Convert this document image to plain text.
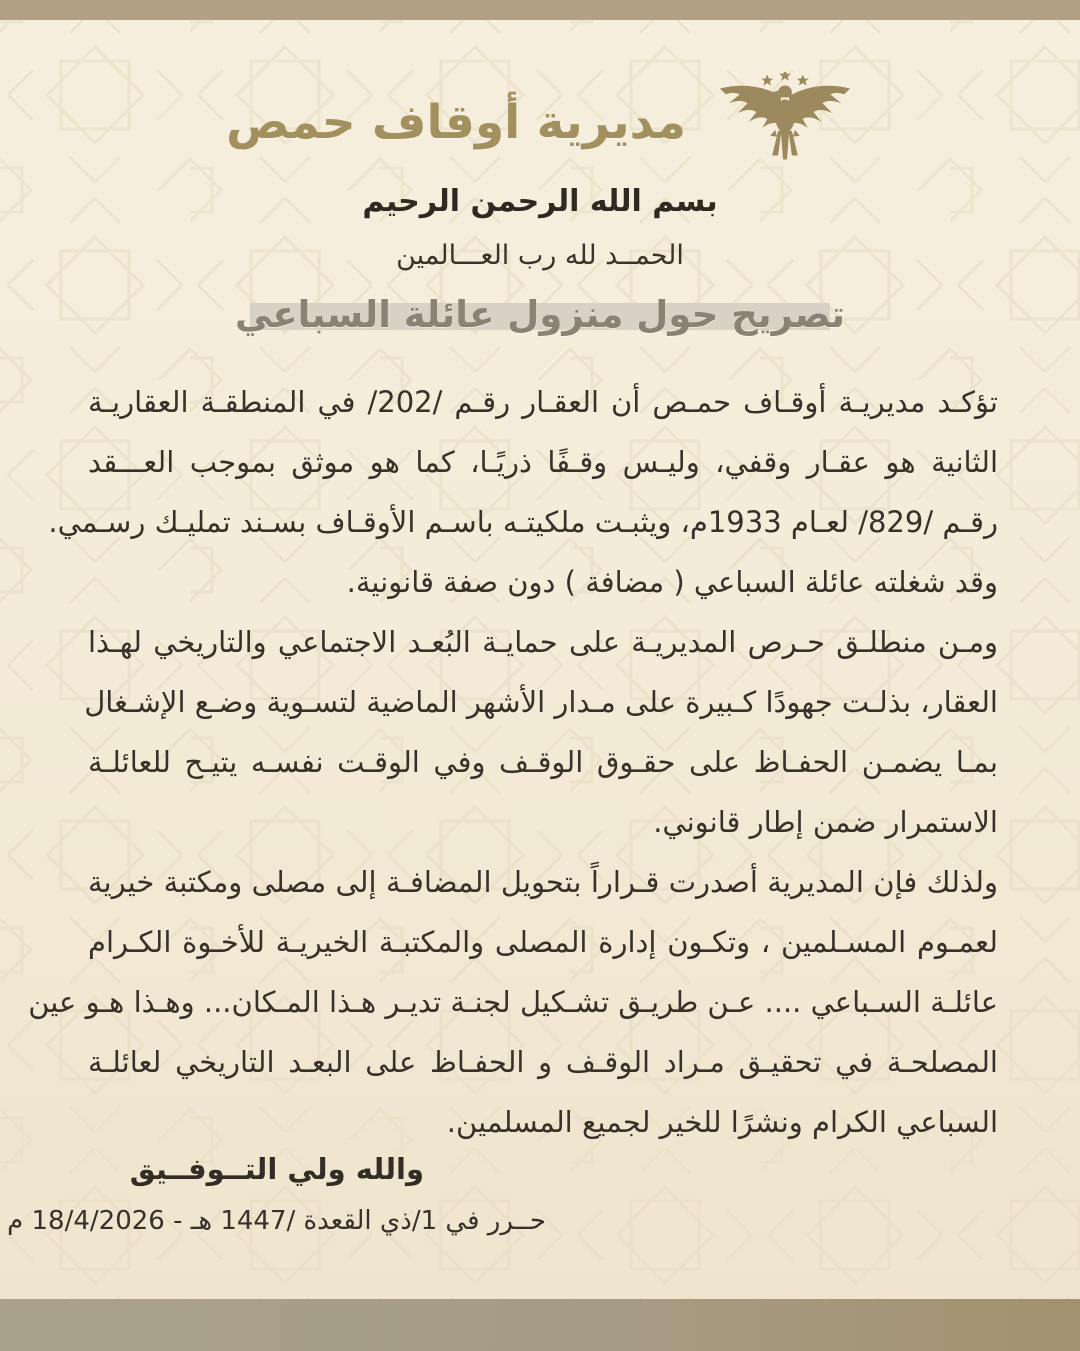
مديرية أوقاف حمص
بسم الله الرحمن الرحيم
الحمــد لله رب العـــالمين
تصريح حول منزول عائلة السباعي
تؤكـد مديريـة أوقـاف حمـص أن العقـار رقـم /202/ في المنطقـة العقاريـة
الثانية هو عقـار وقفي، وليـس وقـفًا ذريًـا، كما هو موثق بموجب العـــقد
رقـم /829/ لعـام 1933م، ويثبـت ملكيتـه باسـم الأوقـاف بسـند تمليـك رسـمي.
وقد شغلته عائلة السباعي ( مضافة ) دون صفة قانونية.
ومـن منطلـق حـرص المديريـة على حمايـة البُعـد الاجتماعي والتاريخي لهـذا
العقار، بذلـت جهودًا كـبيرة على مـدار الأشهر الماضية لتسـوية وضـع الإشـغال
بمـا يضمـن الحفـاظ على حقـوق الوقـف وفي الوقـت نفسـه يتيـح للعائلـة
الاستمرار ضمن إطار قانوني.
ولذلك فإن المديرية أصدرت قـراراً بتحويل المضافـة إلى مصلى ومكتبة خيرية
لعمـوم المسـلمين ، وتكـون إدارة المصلى والمكتبـة الخيريـة للأخـوة الكـرام
عائلـة السـباعي .... عـن طريـق تشـكيل لجنـة تديـر هـذا المـكان... وهـذا هـو عين
المصلحـة في تحقيـق مـراد الوقـف و الحفـاظ على البعـد التاريخي لعائلـة
السباعي الكرام ونشرًا للخير لجميع المسلمين.
والله ولي التــوفــيق
حــرر في 1/ذي القعدة /1447 هـ - 18/4/2026 م
